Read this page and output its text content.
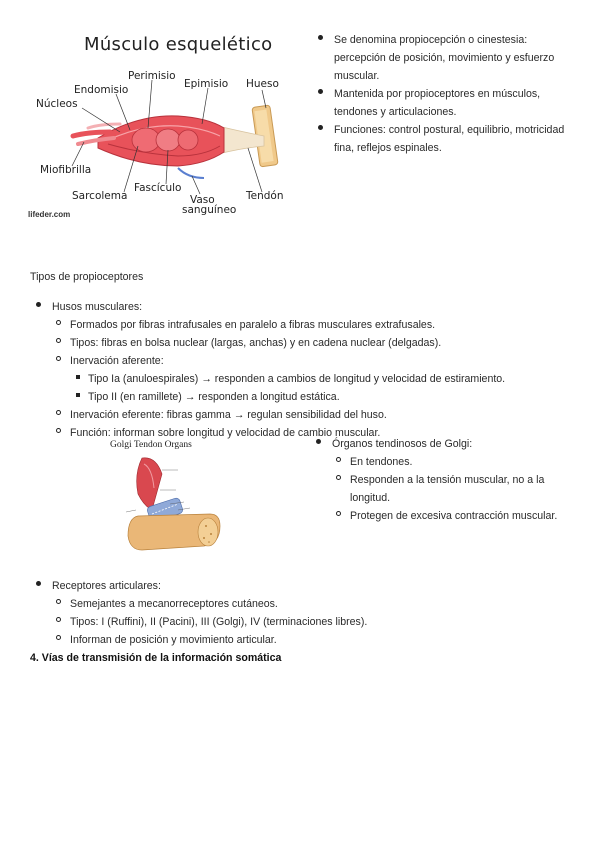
Músculo esquelético
Perimisio
Endomisio	Epimisio Hueso
Núcleos
Miofibrilla
Sarcolema
Fascículo
Vaso
sanguíneo
Tendón
lifeder.com
Se denomina propiocepción o cinestesia: percepción de posición, movimiento y esfuerzo muscular.
Mantenida por propioceptores en músculos, tendones y articulaciones.
Funciones: control postural, equilibrio, motricidad fina, reflejos espinales.
Tipos de propioceptores
Husos musculares:
Formados por fibras intrafusales en paralelo a fibras musculares extrafusales.
Tipos: fibras en bolsa nuclear (largas, anchas) y en cadena nuclear (delgadas).
Inervación aferente:
Tipo Ia (anuloespirales) → responden a cambios de longitud y velocidad de estiramiento.
Tipo II (en ramillete) → responden a longitud estática.
Inervación eferente: fibras gamma → regulan sensibilidad del huso.
Función: informan sobre longitud y velocidad de cambio muscular.
Golgi Tendon Organs	Órganos tendinosos de Golgi:
En tendones.
Responden a la tensión muscular, no a la longitud.
Protegen de excesiva contracción muscular.
Receptores articulares:
Semejantes a mecanorreceptores cutáneos.
Tipos: I (Ruffini), II (Pacini), III (Golgi), IV (terminaciones libres).
Informan de posición y movimiento articular.
4. Vías de transmisión de la información somática
